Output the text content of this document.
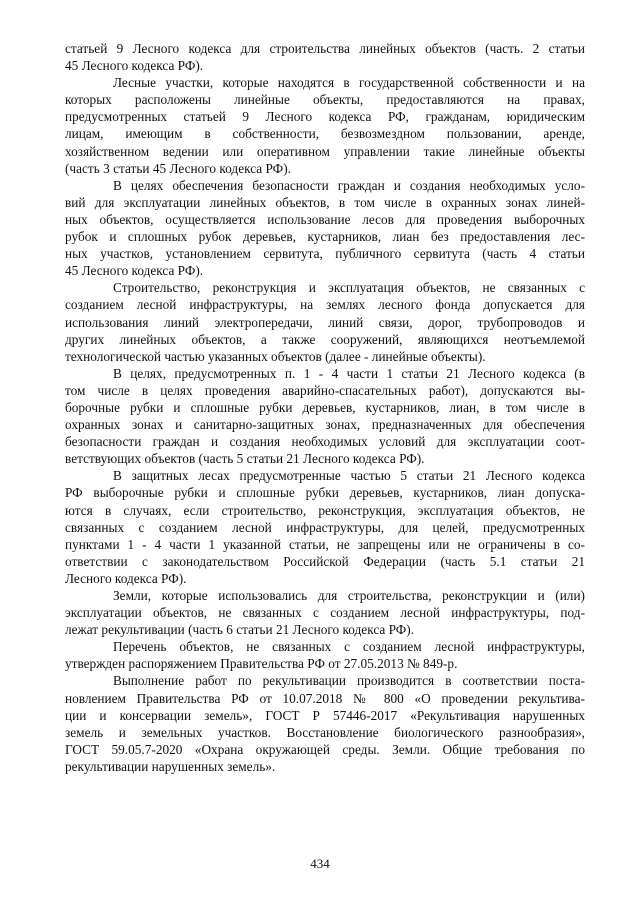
статьей 9 Лесного кодекса для строительства линейных объектов (часть. 2 статьи
45 Лесного кодекса РФ).
Лесные участки, которые находятся в государственной собственности и на
которых расположены линейные объекты, предоставляются на правах,
предусмотренных статьей 9 Лесного кодекса РФ, гражданам, юридическим
лицам, имеющим в собственности, безвозмездном пользовании, аренде,
хозяйственном ведении или оперативном управлении такие линейные объекты
(часть 3 статьи 45 Лесного кодекса РФ).
В целях обеспечения безопасности граждан и создания необходимых усло-
вий для эксплуатации линейных объектов, в том числе в охранных зонах линей-
ных объектов, осуществляется использование лесов для проведения выборочных
рубок и сплошных рубок деревьев, кустарников, лиан без предоставления лес-
ных участков, установлением сервитута, публичного сервитута (часть 4 статьи
45 Лесного кодекса РФ).
Строительство, реконструкция и эксплуатация объектов, не связанных с
созданием лесной инфраструктуры, на землях лесного фонда допускается для
использования линий электропередачи, линий связи, дорог, трубопроводов и
других линейных объектов, а также сооружений, являющихся неотъемлемой
технологической частью указанных объектов (далее - линейные объекты).
В целях, предусмотренных п. 1 - 4 части 1 статьи 21 Лесного кодекса (в
том числе в целях проведения аварийно-спасательных работ), допускаются вы-
борочные рубки и сплошные рубки деревьев, кустарников, лиан, в том числе в
охранных зонах и санитарно-защитных зонах, предназначенных для обеспечения
безопасности граждан и создания необходимых условий для эксплуатации соот-
ветствующих объектов (часть 5 статьи 21 Лесного кодекса РФ).
В защитных лесах предусмотренные частью 5 статьи 21 Лесного кодекса
РФ выборочные рубки и сплошные рубки деревьев, кустарников, лиан допуска-
ются в случаях, если строительство, реконструкция, эксплуатация объектов, не
связанных с созданием лесной инфраструктуры, для целей, предусмотренных
пунктами 1 - 4 части 1 указанной статьи, не запрещены или не ограничены в со-
ответствии с законодательством Российской Федерации (часть 5.1 статьи 21
Лесного кодекса РФ).
Земли, которые использовались для строительства, реконструкции и (или)
эксплуатации объектов, не связанных с созданием лесной инфраструктуры, под-
лежат рекультивации (часть 6 статьи 21 Лесного кодекса РФ).
Перечень объектов, не связанных с созданием лесной инфраструктуры,
утвержден распоряжением Правительства РФ от 27.05.2013 № 849-р.
Выполнение работ по рекультивации производится в соответствии поста-
новлением Правительства РФ от 10.07.2018 № 800 «О проведении рекультива-
ции и консервации земель», ГОСТ Р 57446-2017 «Рекультивация нарушенных
земель и земельных участков. Восстановление биологического разнообразия»,
ГОСТ 59.05.7-2020 «Охрана окружающей среды. Земли. Общие требования по
рекультивации нарушенных земель».
434
